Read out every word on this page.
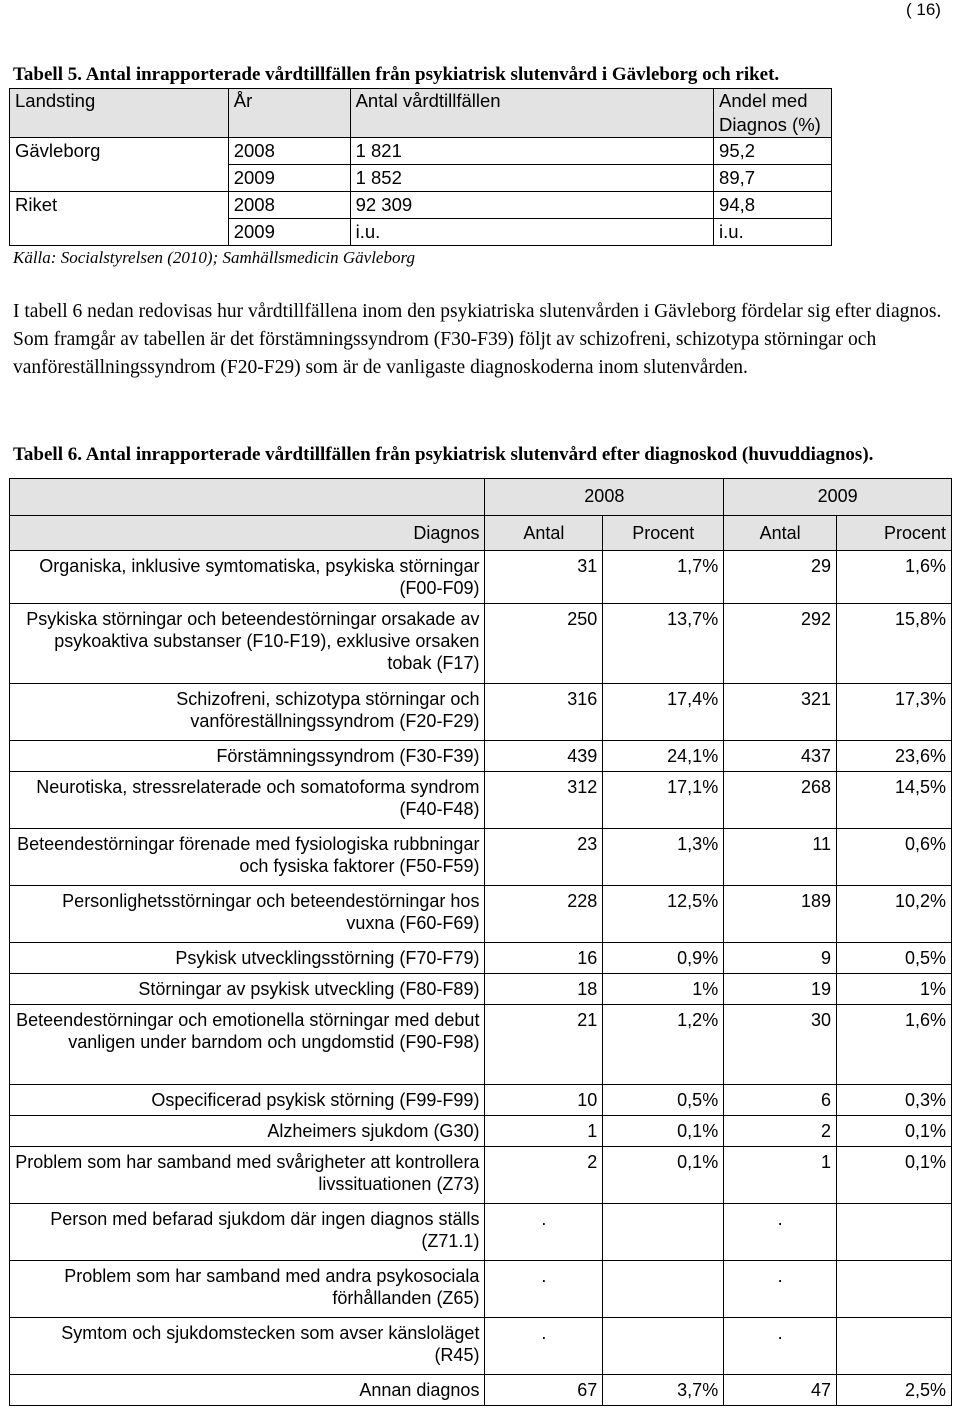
( 16)
Tabell 5. Antal inrapporterade vårdtillfällen från psykiatrisk slutenvård i Gävleborg och riket.
Landsting	År	Antal vårdtillfällen	Andel med Diagnos (%)
Gävleborg	2008	1 821	95,2
	2009	1 852	89,7
Riket	2008	92 309	94,8
	2009	i.u.	i.u.
Källa: Socialstyrelsen (2010); Samhällsmedicin Gävleborg
I tabell 6 nedan redovisas hur vårdtillfällena inom den psykiatriska slutenvården i Gävleborg fördelar sig efter diagnos. Som framgår av tabellen är det förstämningssyndrom (F30-F39) följt av schizofreni, schizotypa störningar och vanföreställningssyndrom (F20-F29) som är de vanligaste diagnoskoderna inom slutenvården.
Tabell 6. Antal inrapporterade vårdtillfällen från psykiatrisk slutenvård efter diagnoskod (huvuddiagnos).
	2008		2009	
Diagnos	Antal	Procent	Antal	Procent
Organiska, inklusive symtomatiska, psykiska störningar (F00-F09)	31	1,7%	29	1,6%
Psykiska störningar och beteendestörningar orsakade av psykoaktiva substanser (F10-F19), exklusive orsaken tobak (F17)	250	13,7%	292	15,8%
Schizofreni, schizotypa störningar och vanföreställningssyndrom (F20-F29)	316	17,4%	321	17,3%
Förstämningssyndrom (F30-F39)	439	24,1%	437	23,6%
Neurotiska, stressrelaterade och somatoforma syndrom (F40-F48)	312	17,1%	268	14,5%
Beteendestörningar förenade med fysiologiska rubbningar och fysiska faktorer (F50-F59)	23	1,3%	11	0,6%
Personlighetsstörningar och beteendestörningar hos vuxna (F60-F69)	228	12,5%	189	10,2%
Psykisk utvecklingsstörning (F70-F79)	16	0,9%	9	0,5%
Störningar av psykisk utveckling (F80-F89)	18	1%	19	1%
Beteendestörningar och emotionella störningar med debut vanligen under barndom och ungdomstid (F90-F98)	21	1,2%	30	1,6%
Ospecificerad psykisk störning (F99-F99)	10	0,5%	6	0,3%
Alzheimers sjukdom (G30)	1	0,1%	2	0,1%
Problem som har samband med svårigheter att kontrollera livssituationen (Z73)	2	0,1%	1	0,1%
Person med befarad sjukdom där ingen diagnos ställs (Z71.1)	.		.	
Problem som har samband med andra psykosociala förhållanden (Z65)	.		.	
Symtom och sjukdomstecken som avser känsloläget (R45)	.		.	
Annan diagnos	67	3,7%	47	2,5%
